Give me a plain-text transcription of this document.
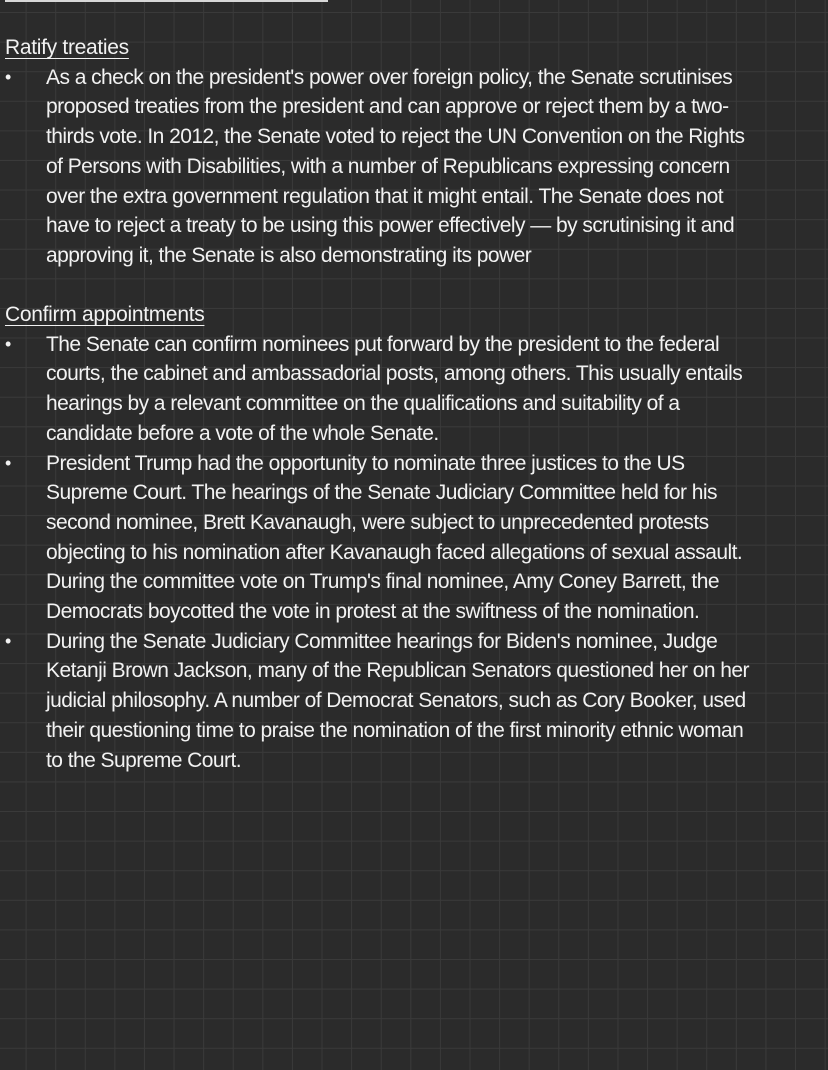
Ratify treaties
• As a check on the president's power over foreign policy, the Senate scrutinises
proposed treaties from the president and can approve or reject them by a two-
thirds vote. In 2012, the Senate voted to reject the UN Convention on the Rights
of Persons with Disabilities, with a number of Republicans expressing concern
over the extra government regulation that it might entail. The Senate does not
have to reject a treaty to be using this power effectively — by scrutinising it and
approving it, the Senate is also demonstrating its power
Confirm appointments
• The Senate can confirm nominees put forward by the president to the federal
courts, the cabinet and ambassadorial posts, among others. This usually entails
hearings by a relevant committee on the qualifications and suitability of a
candidate before a vote of the whole Senate.
• President Trump had the opportunity to nominate three justices to the US
Supreme Court. The hearings of the Senate Judiciary Committee held for his
second nominee, Brett Kavanaugh, were subject to unprecedented protests
objecting to his nomination after Kavanaugh faced allegations of sexual assault.
During the committee vote on Trump's final nominee, Amy Coney Barrett, the
Democrats boycotted the vote in protest at the swiftness of the nomination.
• During the Senate Judiciary Committee hearings for Biden's nominee, Judge
Ketanji Brown Jackson, many of the Republican Senators questioned her on her
judicial philosophy. A number of Democrat Senators, such as Cory Booker, used
their questioning time to praise the nomination of the first minority ethnic woman
to the Supreme Court.
